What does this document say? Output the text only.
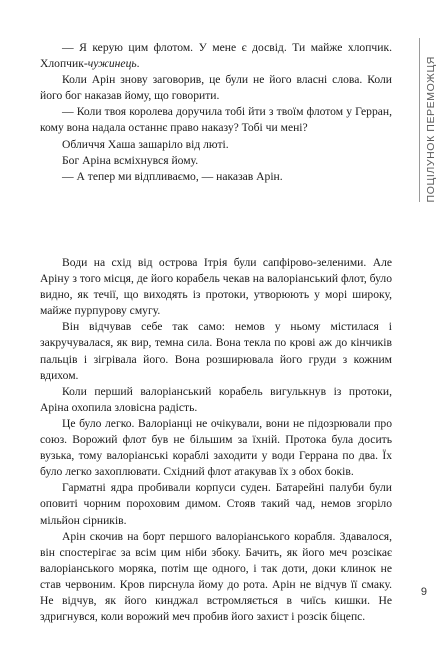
ПОЦІЛУНОК ПЕРЕМОЖЦЯ

— Я керую цим флотом. У мене є досвід. Ти майже хлопчик. Хлопчик-чужинець.

Коли Арін знову заговорив, це були не його власні слова. Коли його бог наказав йому, що говорити.

— Коли твоя королева доручила тобі йти з твоїм флотом у Герран, кому вона надала останнє право наказу? Тобі чи мені?

Обличчя Хаша зашаріло від люті.

Бог Аріна всміхнувся йому.

— А тепер ми відпливаємо, — наказав Арін.

Води на схід від острова Ітрія були сапфірово-зеленими. Але Аріну з того місця, де його корабель чекав на валоріанський флот, було видно, як течії, що виходять із протоки, утворюють у морі широку, майже пурпурову смугу.

Він відчував себе так само: немов у ньому містилася і закручувалася, як вир, темна сила. Вона текла по крові аж до кінчиків пальців і зігрівала його. Вона розширювала його груди з кожним вдихом.

Коли перший валоріанський корабель вигулькнув із протоки, Аріна охопила зловісна радість.

Це було легко. Валоріанці не очікували, вони не підозрювали про союз. Ворожий флот був не більшим за їхній. Протока була досить вузька, тому валоріанські кораблі заходити у води Геррана по два. Їх було легко захоплювати. Східний флот атакував їх з обох боків.

Гарматні ядра пробивали корпуси суден. Батарейні палуби були оповиті чорним пороховим димом. Стояв такий чад, немов згоріло мільйон сірників.

Арін скочив на борт першого валоріанського корабля. Здавалося, він спостерігає за всім цим ніби збоку. Бачить, як його меч розсікає валоріанського моряка, потім ще одного, і так доти, доки клинок не став червоним. Кров пирснула йому до рота. Арін не відчув її смаку. Не відчув, як його кинджал встромляється в чиїсь кишки. Не здригнувся, коли ворожий меч пробив його захист і розсік біцепс.

9
